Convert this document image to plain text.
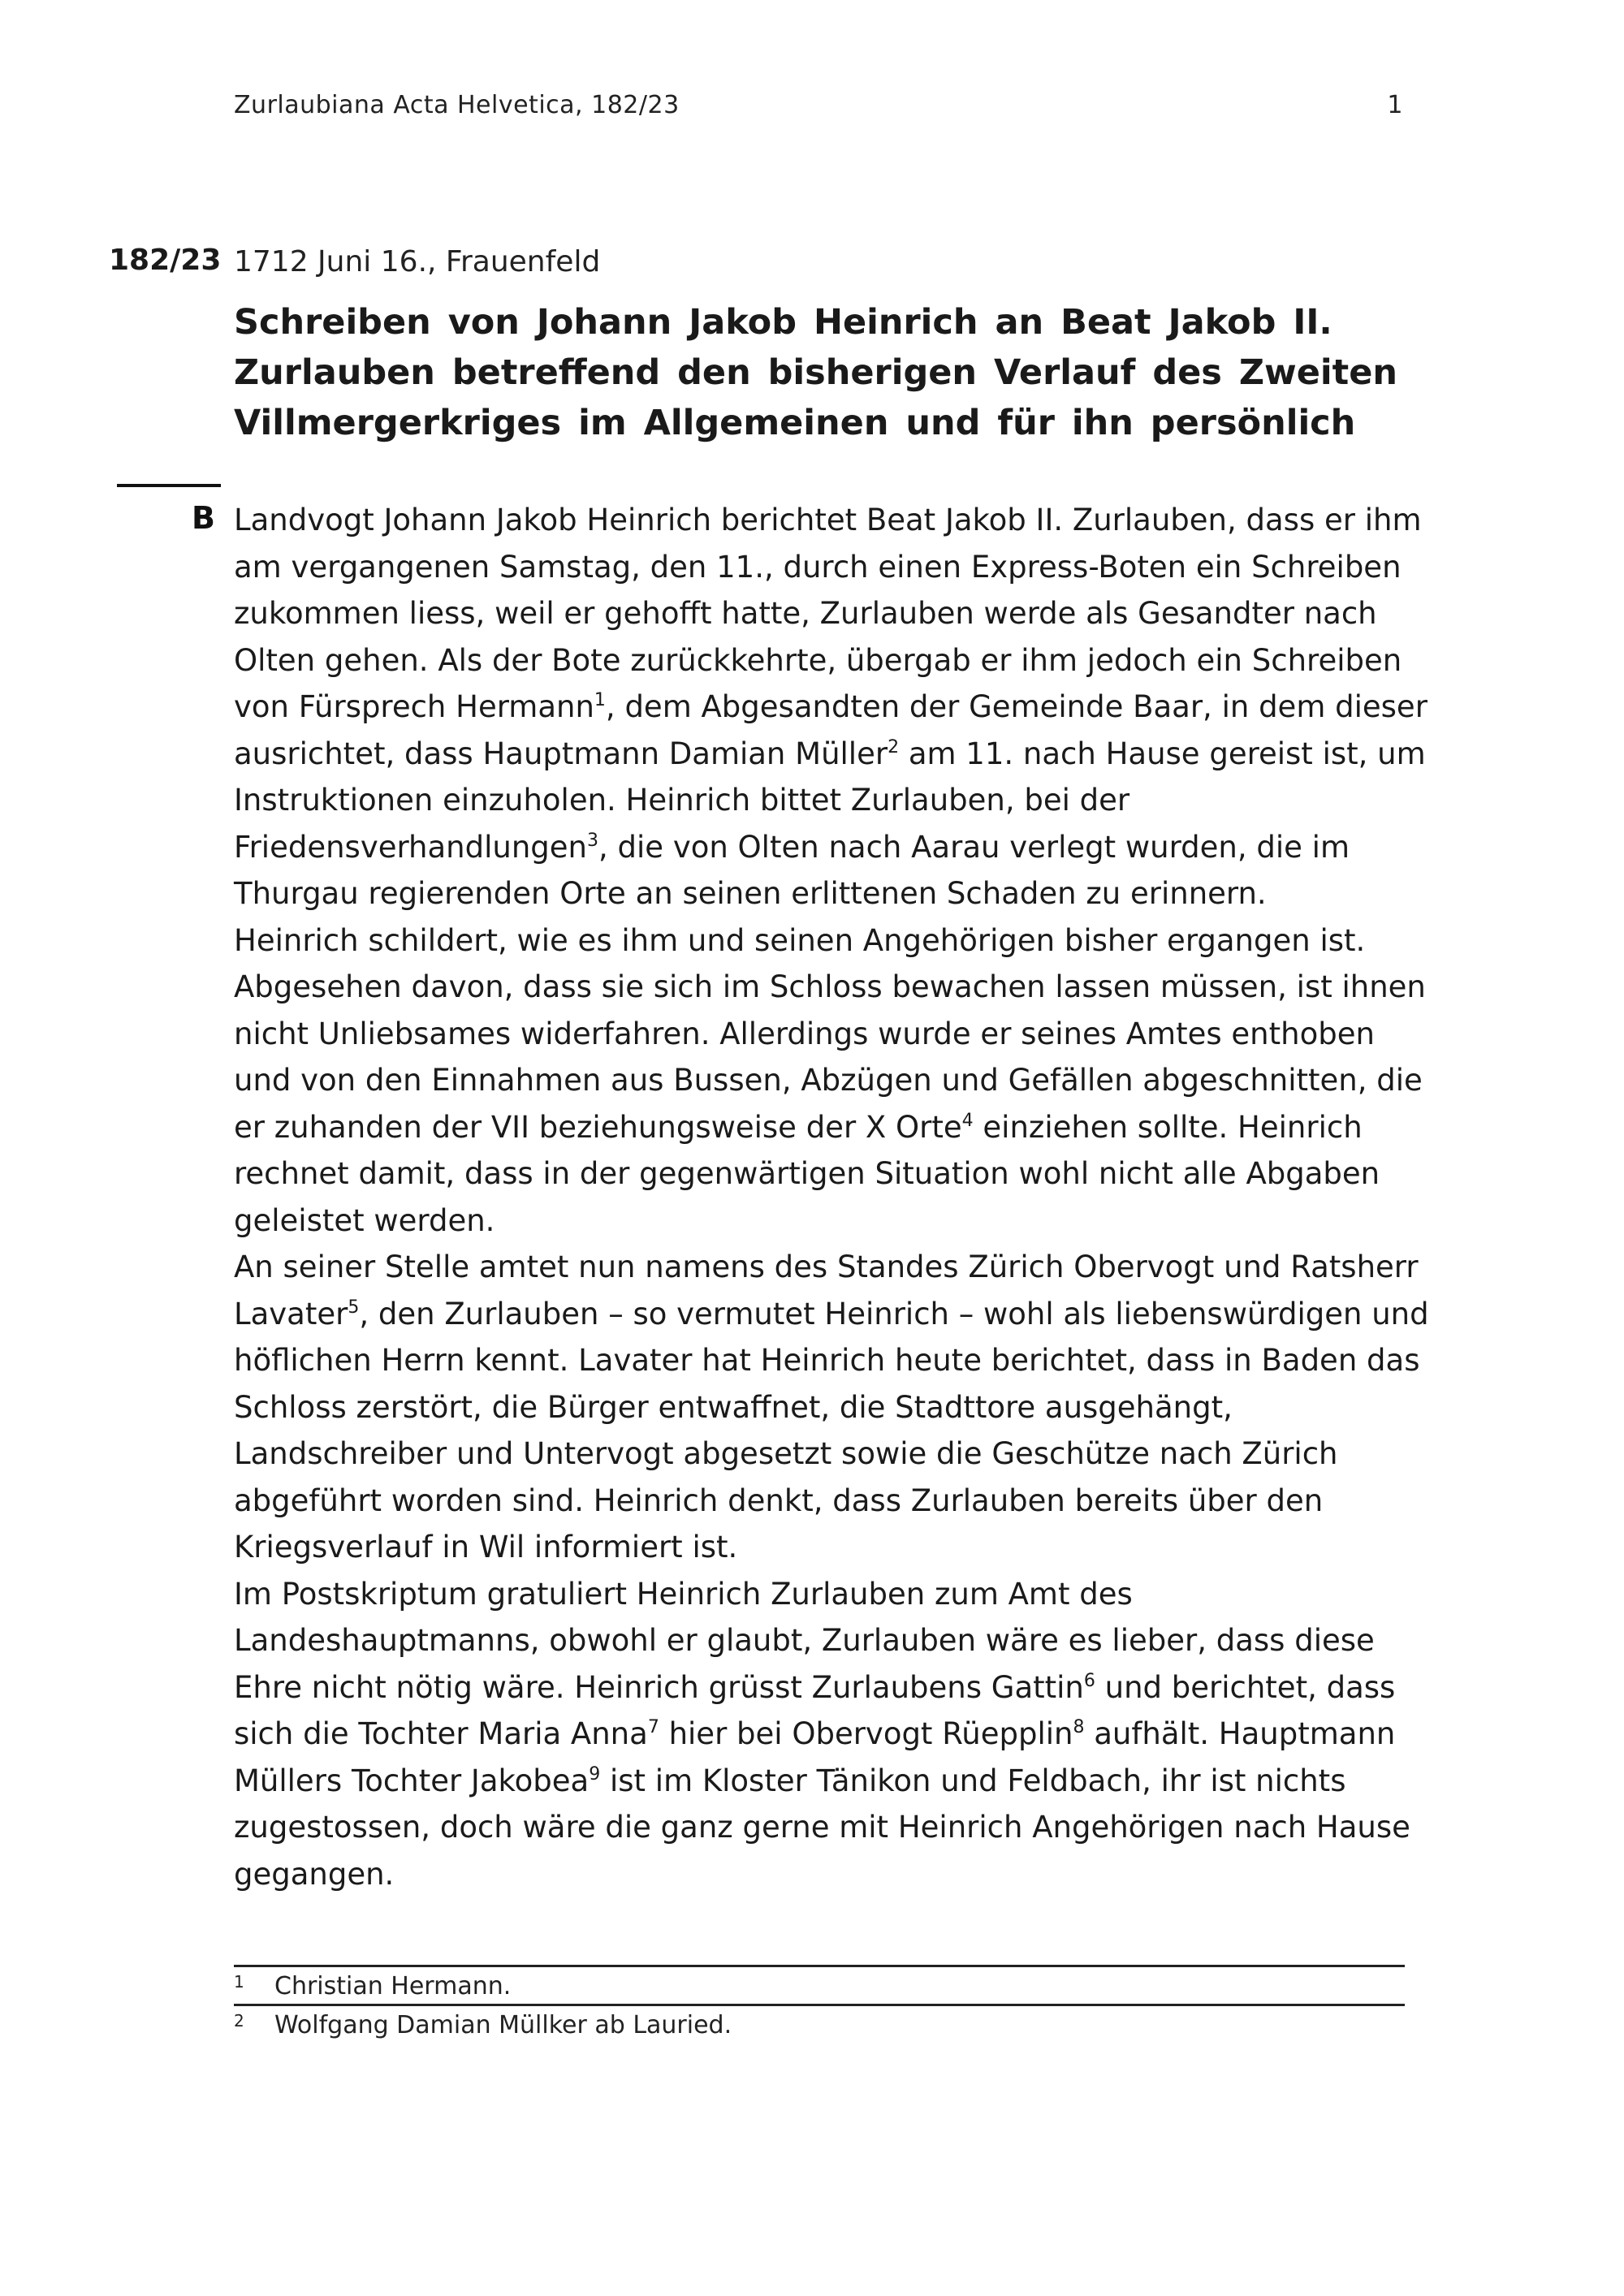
Zurlaubiana Acta Helvetica, 182/23	1
182/23 1712 Juni 16., Frauenfeld
Schreiben von Johann Jakob Heinrich an Beat Jakob II.
Zurlauben betreffend den bisherigen Verlauf des Zweiten
Villmergerkriges im Allgemeinen und für ihn persönlich
B Landvogt Johann Jakob Heinrich berichtet Beat Jakob II. Zurlauben, dass er ihm
am vergangenen Samstag, den 11., durch einen Express-Boten ein Schreiben
zukommen liess, weil er gehofft hatte, Zurlauben werde als Gesandter nach
Olten gehen. Als der Bote zurückkehrte, übergab er ihm jedoch ein Schreiben
von Fürsprech Hermann$^1$, dem Abgesandten der Gemeinde Baar, in dem dieser
ausrichtet, dass Hauptmann Damian Müller$^2$ am 11. nach Hause gereist ist, um
Instruktionen einzuholen. Heinrich bittet Zurlauben, bei der
Friedensverhandlungen$^3$, die von Olten nach Aarau verlegt wurden, die im
Thurgau regierenden Orte an seinen erlittenen Schaden zu erinnern.
Heinrich schildert, wie es ihm und seinen Angehörigen bisher ergangen ist.
Abgesehen davon, dass sie sich im Schloss bewachen lassen müssen, ist ihnen
nicht Unliebsames widerfahren. Allerdings wurde er seines Amtes enthoben
und von den Einnahmen aus Bussen, Abzügen und Gefällen abgeschnitten, die
er zuhanden der VII beziehungsweise der X Orte$^4$ einziehen sollte. Heinrich
rechnet damit, dass in der gegenwärtigen Situation wohl nicht alle Abgaben
geleistet werden.
An seiner Stelle amtet nun namens des Standes Zürich Obervogt und Ratsherr
Lavater$^5$, den Zurlauben – so vermutet Heinrich – wohl als liebenswürdigen und
höflichen Herrn kennt. Lavater hat Heinrich heute berichtet, dass in Baden das
Schloss zerstört, die Bürger entwaffnet, die Stadttore ausgehängt,
Landschreiber und Untervogt abgesetzt sowie die Geschütze nach Zürich
abgeführt worden sind. Heinrich denkt, dass Zurlauben bereits über den
Kriegsverlauf in Wil informiert ist.
Im Postskriptum gratuliert Heinrich Zurlauben zum Amt des
Landeshauptmanns, obwohl er glaubt, Zurlauben wäre es lieber, dass diese
Ehre nicht nötig wäre. Heinrich grüsst Zurlaubens Gattin$^6$ und berichtet, dass
sich die Tochter Maria Anna$^7$ hier bei Obervogt Rüepplin$^8$ aufhält. Hauptmann
Müllers Tochter Jakobea$^9$ ist im Kloster Tänikon und Feldbach, ihr ist nichts
zugestossen, doch wäre die ganz gerne mit Heinrich Angehörigen nach Hause
gegangen.
1	Christian Hermann.
2	Wolfgang Damian Müllker ab Lauried.
